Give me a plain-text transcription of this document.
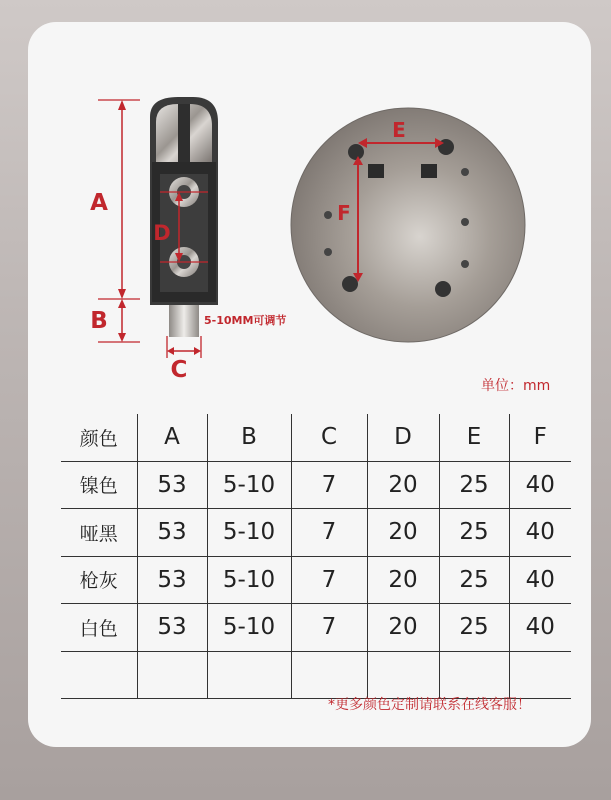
A
B
C
D
5-10MM可调节
E
F
单位：mm
颜色	A	B	C	D	E	F
镍色	53	5-10	7	20	25	40
哑黑	53	5-10	7	20	25	40
枪灰	53	5-10	7	20	25	40
白色	53	5-10	7	20	25	40

*更多颜色定制请联系在线客服！
